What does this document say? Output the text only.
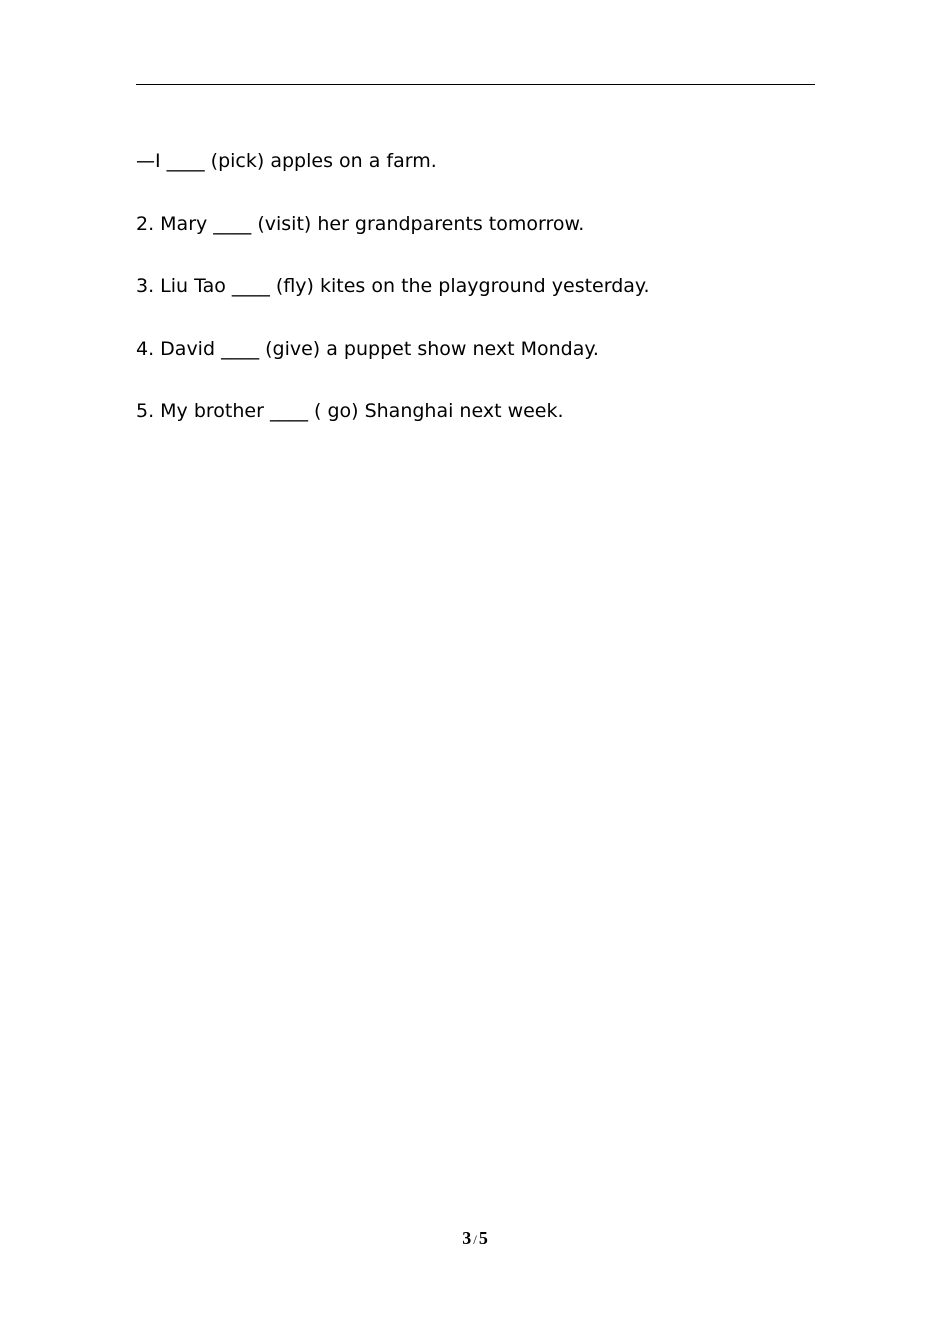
—I ____ (pick) apples on a farm.
2. Mary ____ (visit) her grandparents tomorrow.
3. Liu Tao ____ (fly) kites on the playground yesterday.
4. David ____ (give) a puppet show next Monday.
5. My brother ____ ( go) Shanghai next week.
3 / 5
